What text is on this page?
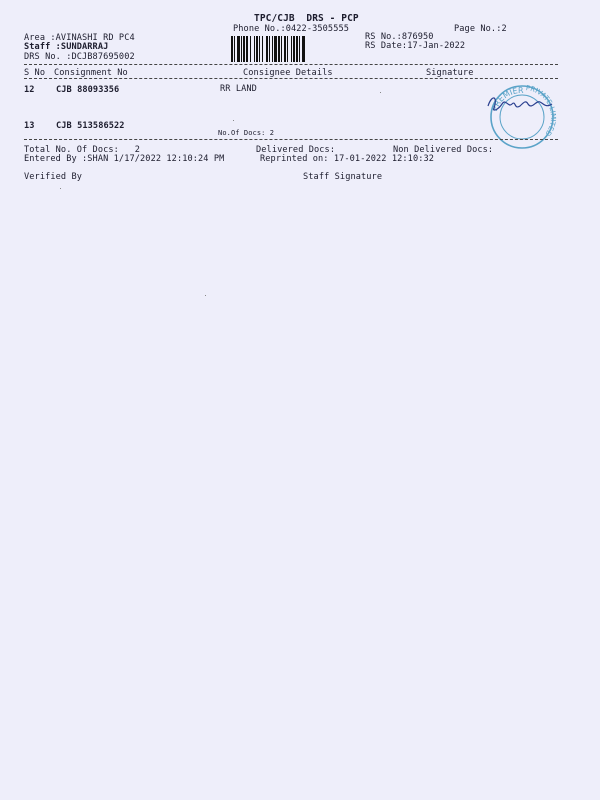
TPC/CJB  DRS - PCP
Phone No.:0422-3505555	Page No.:2
Area :AVINASHI RD PC4
Staff :SUNDARRAJ
DRS No. :DCJB87695002
RS No.:876950
RS Date:17-Jan-2022
S No Consignment No	Consignee Details	Signature
12 CJB 88093356	RR LAND
13 CJB 513586522
No.Of Docs: 2
PREMIER PRIVATE LIMITED
Total No. Of Docs:   2	Delivered Docs:	Non Delivered Docs:
Entered By :SHAN 1/17/2022 12:10:24 PM	Reprinted on: 17-01-2022 12:10:32
Verified By	Staff Signature
